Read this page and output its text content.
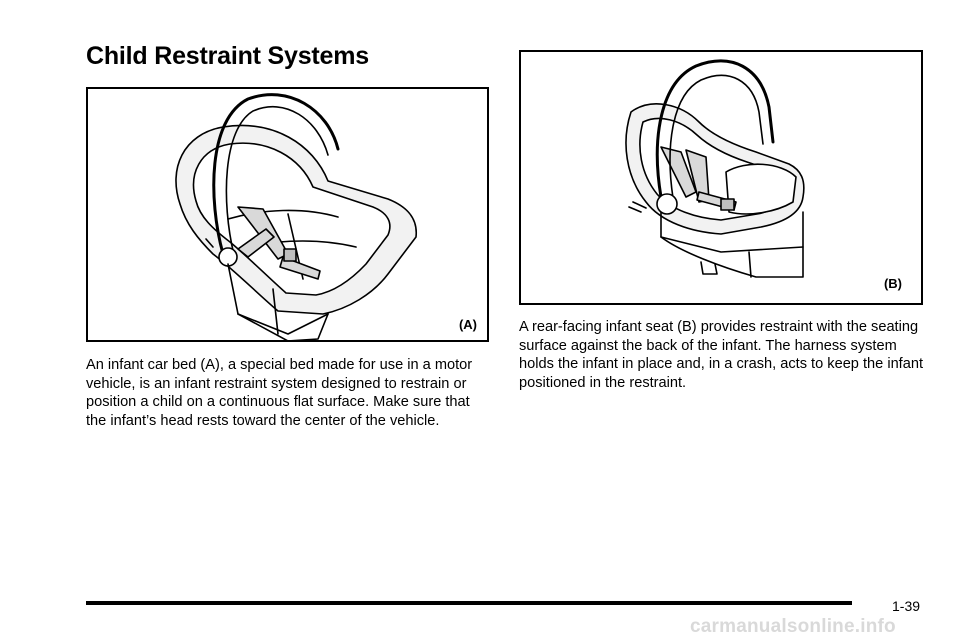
Child Restraint Systems
(A)
(B)

An infant car bed (A), a special bed made for use in a motor vehicle, is an infant restraint system designed to restrain or position a child on a continuous flat surface. Make sure that the infant’s head rests toward the center of the vehicle.

A rear-facing infant seat (B) provides restraint with the seating surface against the back of the infant. The harness system holds the infant in place and, in a crash, acts to keep the infant positioned in the restraint.

1-39
carmanualsonline.info
